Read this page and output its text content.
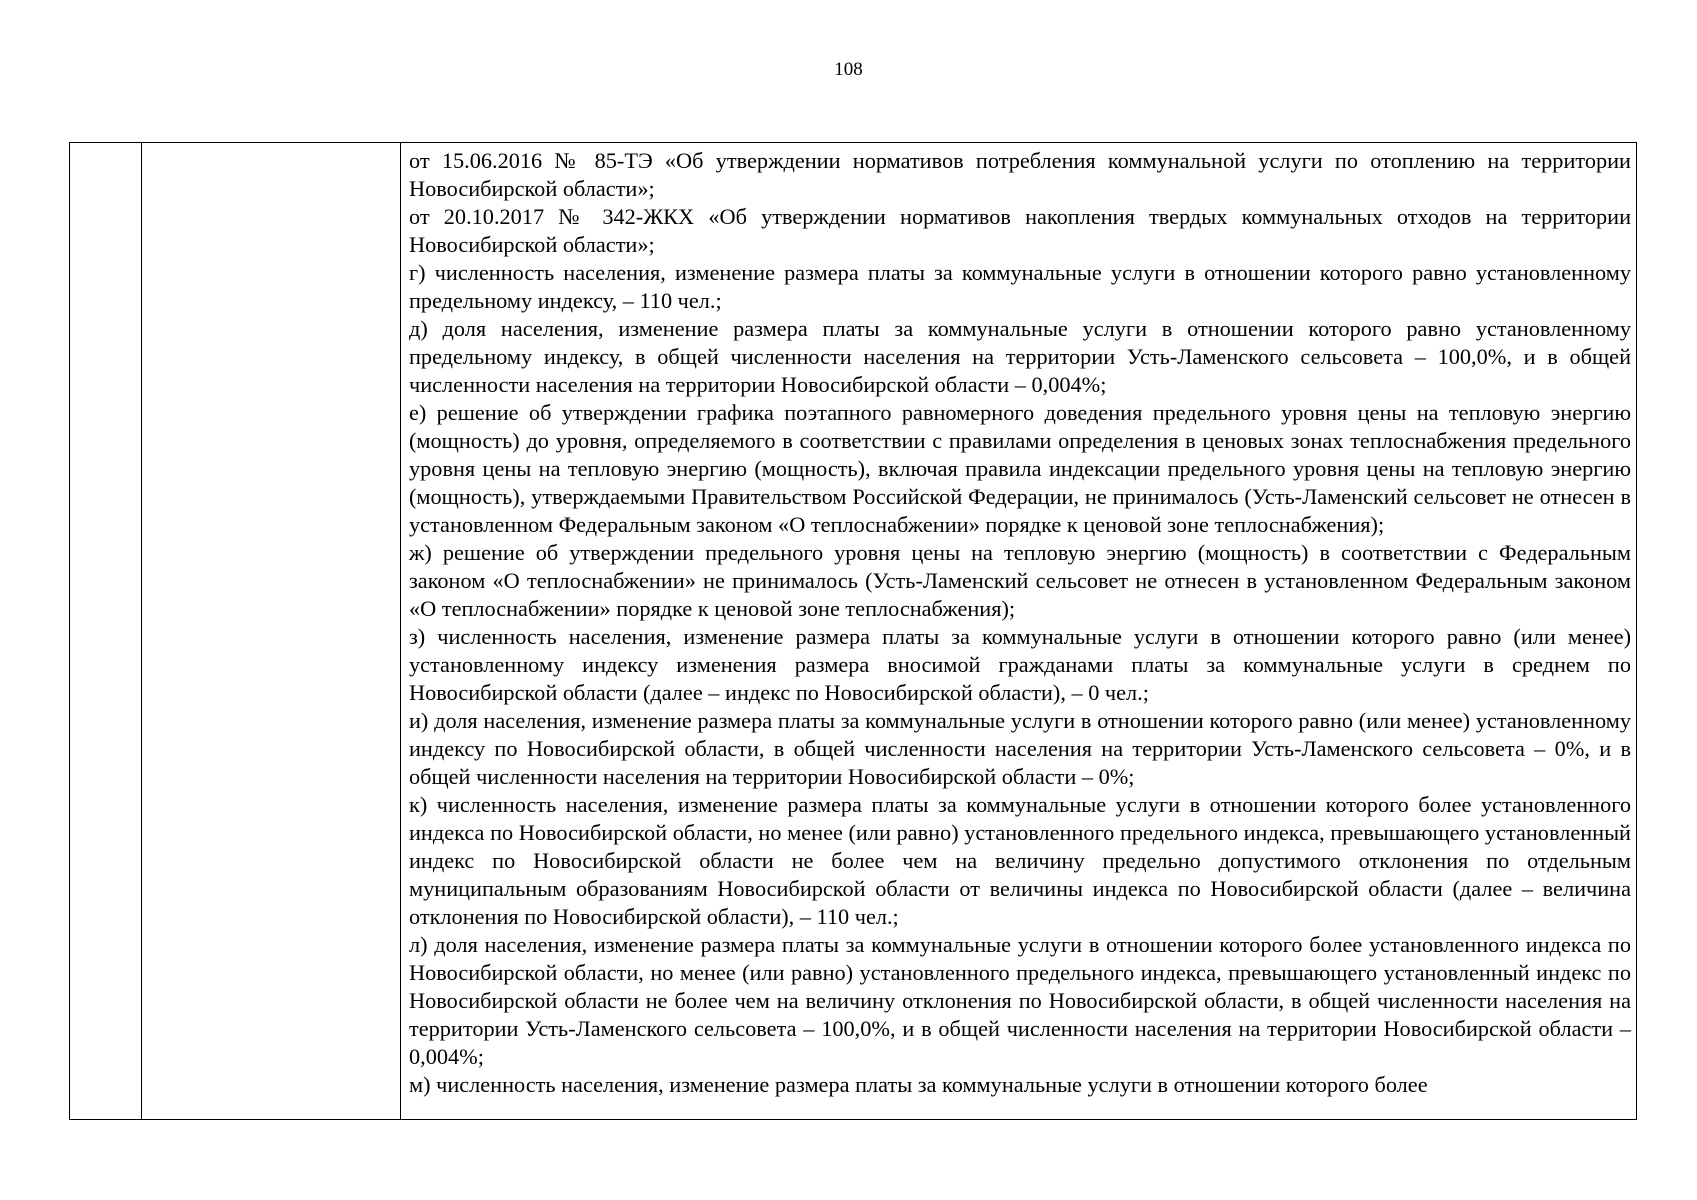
108

от 15.06.2016 № 85-ТЭ «Об утверждении нормативов потребления коммунальной услуги по отоплению на территории Новосибирской области»;

от 20.10.2017 № 342-ЖКХ «Об утверждении нормативов накопления твердых коммунальных отходов на территории Новосибирской области»;

г) численность населения, изменение размера платы за коммунальные услуги в отношении которого равно установленному предельному индексу, – 110 чел.;

д) доля населения, изменение размера платы за коммунальные услуги в отношении которого равно установленному предельному индексу, в общей численности населения на территории Усть-Ламенского сельсовета – 100,0%, и в общей численности населения на территории Новосибирской области – 0,004%;

е) решение об утверждении графика поэтапного равномерного доведения предельного уровня цены на тепловую энергию (мощность) до уровня, определяемого в соответствии с правилами определения в ценовых зонах теплоснабжения предельного уровня цены на тепловую энергию (мощность), включая правила индексации предельного уровня цены на тепловую энергию (мощность), утверждаемыми Правительством Российской Федерации, не принималось (Усть-Ламенский сельсовет не отнесен в установленном Федеральным законом «О теплоснабжении» порядке к ценовой зоне теплоснабжения);

ж) решение об утверждении предельного уровня цены на тепловую энергию (мощность) в соответствии с Федеральным законом «О теплоснабжении» не принималось (Усть-Ламенский сельсовет не отнесен в установленном Федеральным законом «О теплоснабжении» порядке к ценовой зоне теплоснабжения);

з) численность населения, изменение размера платы за коммунальные услуги в отношении которого равно (или менее) установленному индексу изменения размера вносимой гражданами платы за коммунальные услуги в среднем по Новосибирской области (далее – индекс по Новосибирской области), – 0 чел.;

и) доля населения, изменение размера платы за коммунальные услуги в отношении которого равно (или менее) установленному индексу по Новосибирской области, в общей численности населения на территории Усть-Ламенского сельсовета – 0%, и в общей численности населения на территории Новосибирской области – 0%;

к) численность населения, изменение размера платы за коммунальные услуги в отношении которого более установленного индекса по Новосибирской области, но менее (или равно) установленного предельного индекса, превышающего установленный индекс по Новосибирской области не более чем на величину предельно допустимого отклонения по отдельным муниципальным образованиям Новосибирской области от величины индекса по Новосибирской области (далее – величина отклонения по Новосибирской области), – 110 чел.;

л) доля населения, изменение размера платы за коммунальные услуги в отношении которого более установленного индекса по Новосибирской области, но менее (или равно) установленного предельного индекса, превышающего установленный индекс по Новосибирской области не более чем на величину отклонения по Новосибирской области, в общей численности населения на территории Усть-Ламенского сельсовета – 100,0%, и в общей численности населения на территории Новосибирской области – 0,004%;

м) численность населения, изменение размера платы за коммунальные услуги в отношении которого более
